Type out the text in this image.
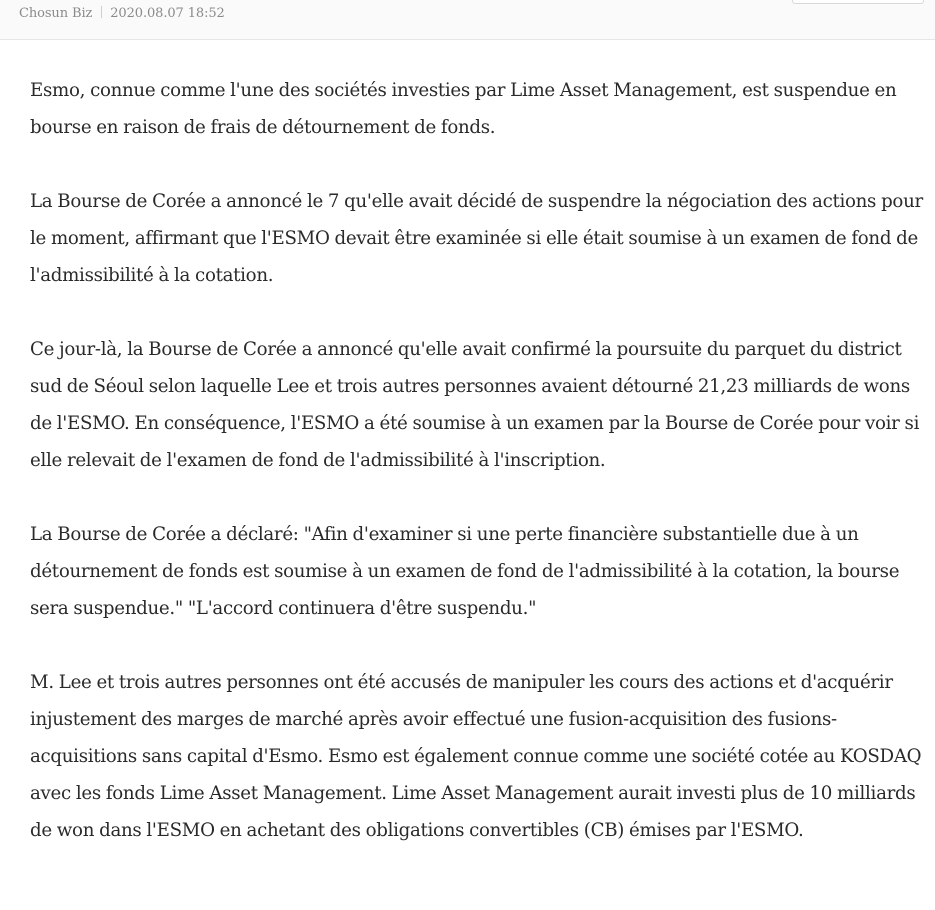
Chosun Biz 2020.08.07 18:52

Esmo, connue comme l'une des sociétés investies par Lime Asset Management, est suspendue en bourse en raison de frais de détournement de fonds.

La Bourse de Corée a annoncé le 7 qu'elle avait décidé de suspendre la négociation des actions pour le moment, affirmant que l'ESMO devait être examinée si elle était soumise à un examen de fond de l'admissibilité à la cotation.

Ce jour-là, la Bourse de Corée a annoncé qu'elle avait confirmé la poursuite du parquet du district sud de Séoul selon laquelle Lee et trois autres personnes avaient détourné 21,23 milliards de wons de l'ESMO. En conséquence, l'ESMO a été soumise à un examen par la Bourse de Corée pour voir si elle relevait de l'examen de fond de l'admissibilité à l'inscription.

La Bourse de Corée a déclaré: "Afin d'examiner si une perte financière substantielle due à un détournement de fonds est soumise à un examen de fond de l'admissibilité à la cotation, la bourse sera suspendue." "L'accord continuera d'être suspendu."

M. Lee et trois autres personnes ont été accusés de manipuler les cours des actions et d'acquérir injustement des marges de marché après avoir effectué une fusion-acquisition des fusions-acquisitions sans capital d'Esmo. Esmo est également connue comme une société cotée au KOSDAQ avec les fonds Lime Asset Management. Lime Asset Management aurait investi plus de 10 milliards de won dans l'ESMO en achetant des obligations convertibles (CB) émises par l'ESMO.
